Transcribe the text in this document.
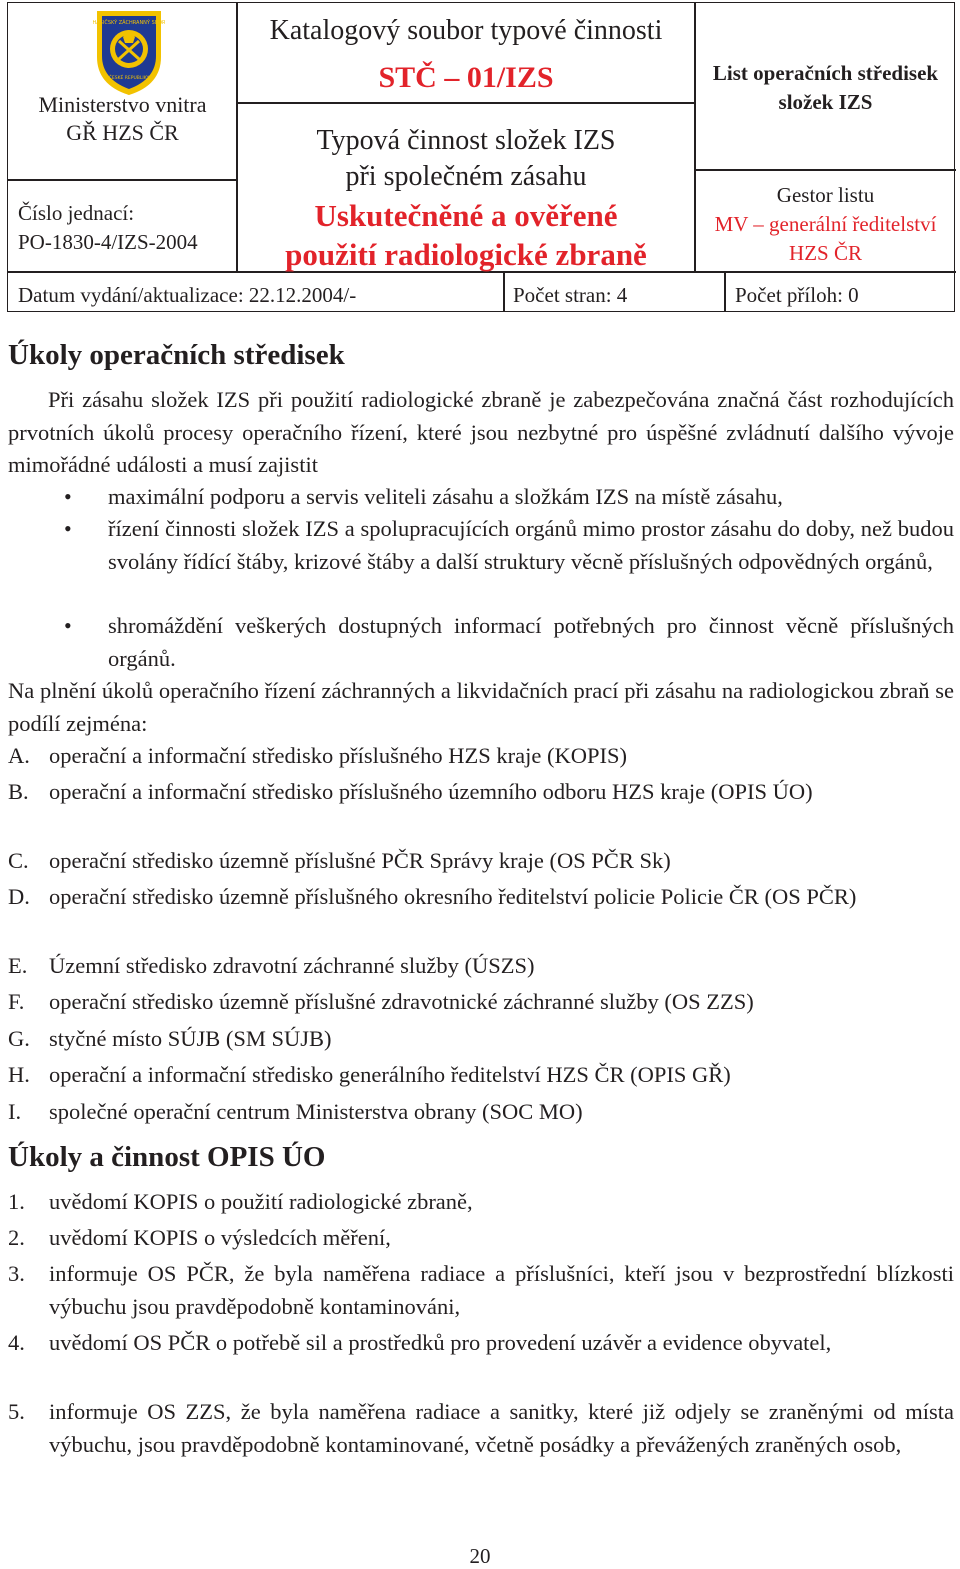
HASIČSKÝ ZÁCHRANNÝ SBOR
ČESKÉ REPUBLIKY
Ministerstvo vnitra
GŘ HZS ČR
Číslo jednací:
PO-1830-4/IZS-2004
Katalogový soubor typové činnosti
STČ – 01/IZS
Typová činnost složek IZS
při společném zásahu
Uskutečněné a ověřené
použití radiologické zbraně
List operačních středisek
složek IZS
Gestor listu
MV – generální ředitelství
HZS ČR
Datum vydání/aktualizace: 22.12.2004/-	Počet stran: 4	Počet příloh: 0
Úkoly operačních středisek

Při zásahu složek IZS při použití radiologické zbraně je zabezpečována značná část rozhodujících prvotních úkolů procesy operačního řízení, které jsou nezbytné pro úspěšné zvládnutí dalšího vývoje mimořádné události a musí zajistit

• maximální podporu a servis veliteli zásahu a složkám IZS na místě zásahu,

• řízení činnosti složek IZS a spolupracujících orgánů mimo prostor zásahu do doby, než budou svolány řídící štáby, krizové štáby a další struktury věcně příslušných odpovědných orgánů,

• shromáždění veškerých dostupných informací potřebných pro činnost věcně příslušných orgánů.

Na plnění úkolů operačního řízení záchranných a likvidačních prací při zásahu na radiologickou zbraň se podílí zejména:

A. operační a informační středisko příslušného HZS kraje (KOPIS)

B. operační a informační středisko příslušného územního odboru HZS kraje (OPIS ÚO)

C. operační středisko územně příslušné PČR Správy kraje (OS PČR Sk)

D. operační středisko územně příslušného okresního ředitelství policie Policie ČR (OS PČR)

E. Územní středisko zdravotní záchranné služby (ÚSZS)

F. operační středisko územně příslušné zdravotnické záchranné služby (OS ZZS)

G. styčné místo SÚJB (SM SÚJB)

H. operační a informační středisko generálního ředitelství HZS ČR (OPIS GŘ)

I. společné operační centrum Ministerstva obrany (SOC MO)

Úkoly a činnost OPIS ÚO
1. uvědomí KOPIS o použití radiologické zbraně,

2. uvědomí KOPIS o výsledcích měření,

3. informuje OS PČR, že byla naměřena radiace a příslušníci, kteří jsou v bezprostřední blízkosti výbuchu jsou pravděpodobně kontaminováni,

4. uvědomí OS PČR o potřebě sil a prostředků pro provedení uzávěr a evidence obyvatel,

5. informuje OS ZZS, že byla naměřena radiace a sanitky, které již odjely se zraněnými od místa výbuchu, jsou pravděpodobně kontaminované, včetně posádky a převážených zraněných osob,

20
